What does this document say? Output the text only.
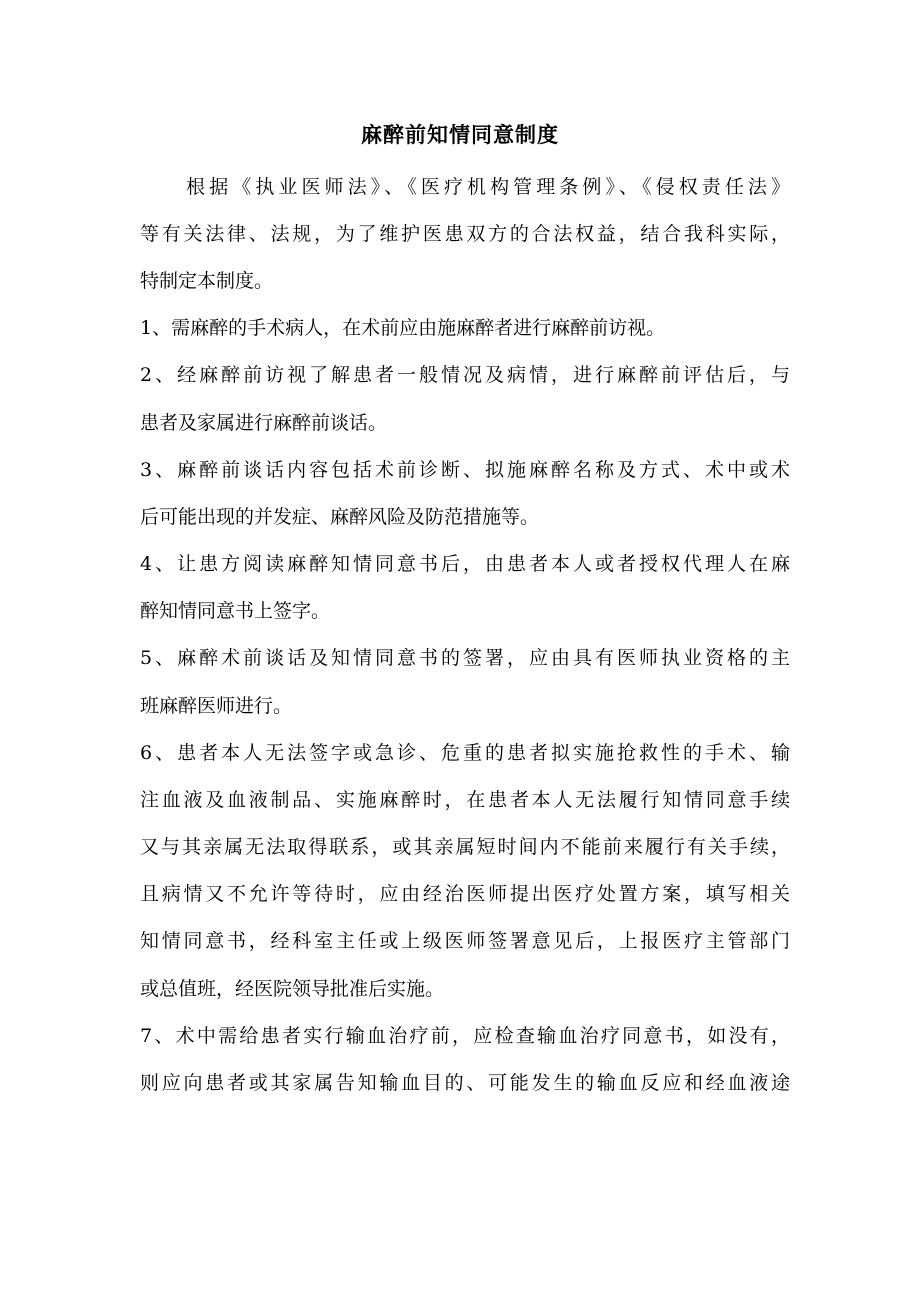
麻醉前知情同意制度
　　根据《执业医师法》、《医疗机构管理条例》、《侵权责任法》
等有关法律、法规，为了维护医患双方的合法权益，结合我科实际，
特制定本制度。
1、需麻醉的手术病人，在术前应由施麻醉者进行麻醉前访视。
2、经麻醉前访视了解患者一般情况及病情，进行麻醉前评估后，与
患者及家属进行麻醉前谈话。
3、麻醉前谈话内容包括术前诊断、拟施麻醉名称及方式、术中或术
后可能出现的并发症、麻醉风险及防范措施等。
4、让患方阅读麻醉知情同意书后，由患者本人或者授权代理人在麻
醉知情同意书上签字。
5、麻醉术前谈话及知情同意书的签署，应由具有医师执业资格的主
班麻醉医师进行。
6、患者本人无法签字或急诊、危重的患者拟实施抢救性的手术、输
注血液及血液制品、实施麻醉时，在患者本人无法履行知情同意手续
又与其亲属无法取得联系，或其亲属短时间内不能前来履行有关手续，
且病情又不允许等待时，应由经治医师提出医疗处置方案，填写相关
知情同意书，经科室主任或上级医师签署意见后，上报医疗主管部门
或总值班，经医院领导批准后实施。
7、术中需给患者实行输血治疗前，应检查输血治疗同意书，如没有，
则应向患者或其家属告知输血目的、可能发生的输血反应和经血液途
